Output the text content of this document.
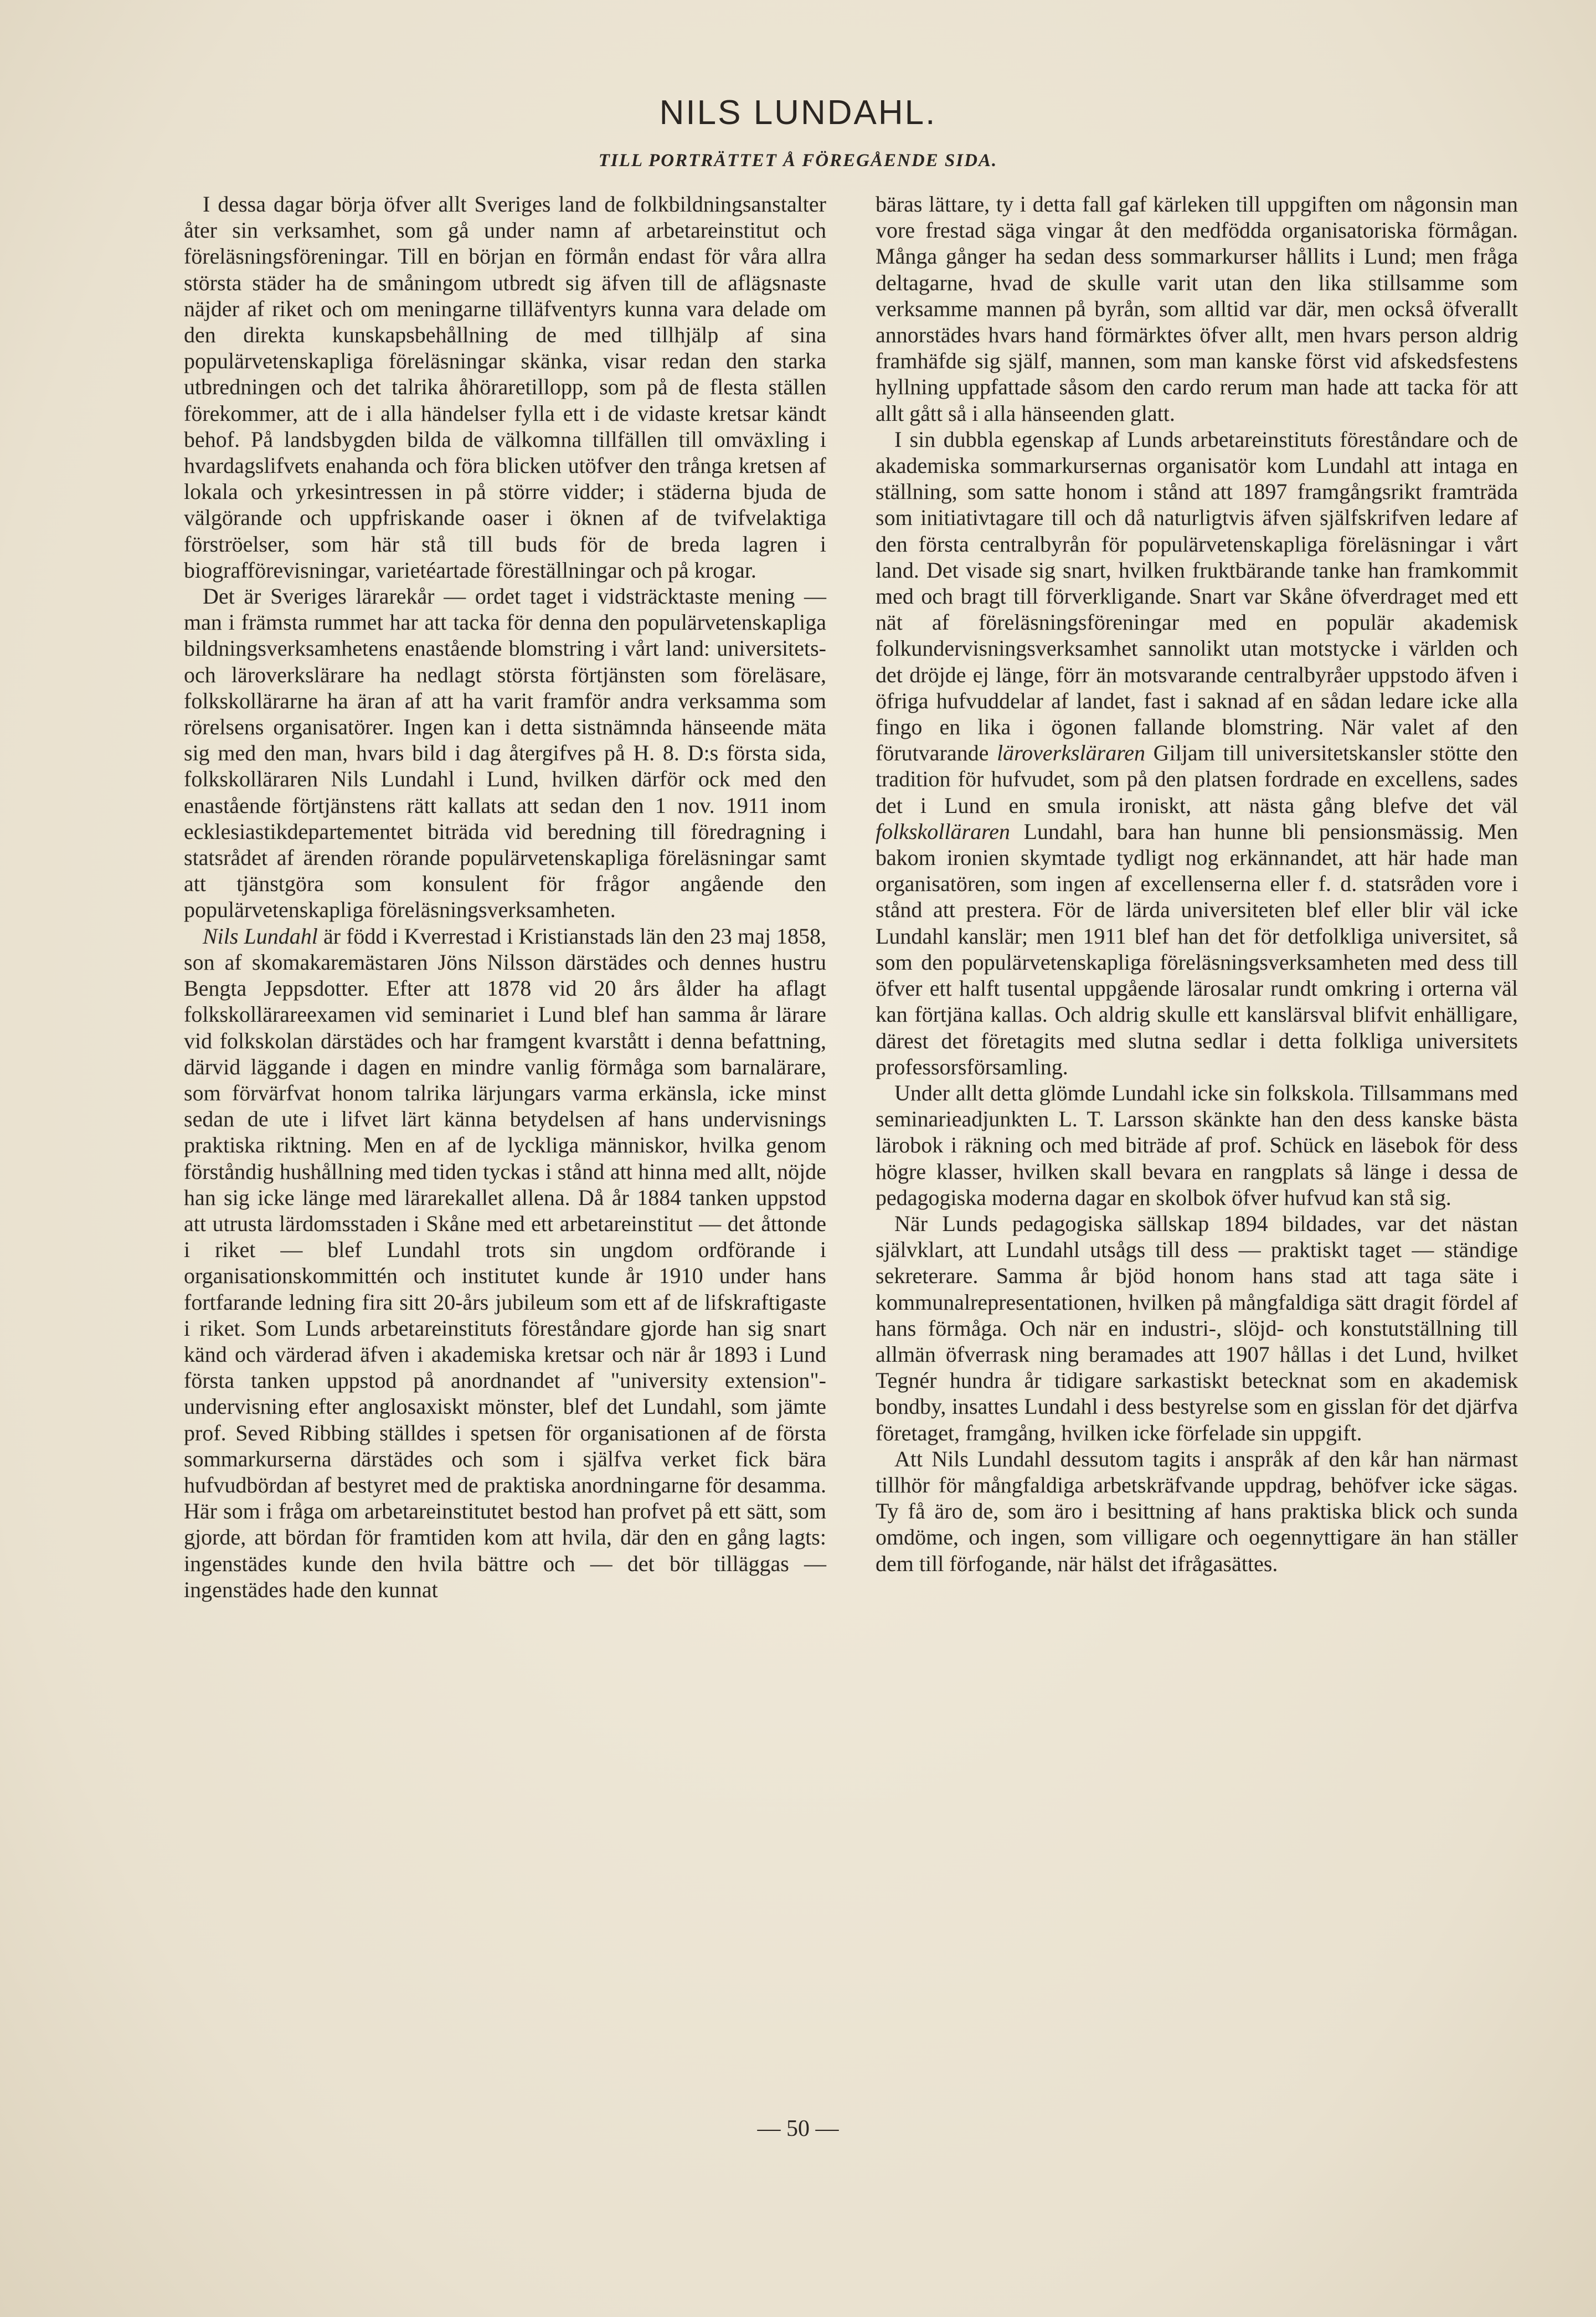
NILS LUNDAHL.
TILL PORTRÄTTET Å FÖREGÅENDE SIDA.

I dessa dagar börja öfver allt Sveriges land de folkbildningsanstalter åter sin verksamhet, som gå under namn af arbetareinstitut och föreläsningsföreningar. Till en början en förmån endast för våra allra största städer ha de småningom utbredt sig äfven till de aflägsnaste näjder af riket och om meningarne tilläfventyrs kunna vara delade om den direkta kunskapsbehållning de med tillhjälp af sina populärvetenskapliga föreläsningar skänka, visar redan den starka utbredningen och det talrika åhöraretillopp, som på de flesta ställen förekommer, att de i alla händelser fylla ett i de vidaste kretsar kändt behof. På landsbygden bilda de välkomna tillfällen till omväxling i hvardagslifvets enahanda och föra blicken utöfver den trånga kretsen af lokala och yrkesintressen in på större vidder; i städerna bjuda de välgörande och uppfriskande oaser i öknen af de tvifvelaktiga förströelser, som här stå till buds för de breda lagren i biografförevisningar, varietéartade föreställningar och på krogar.

Det är Sveriges lärarekår — ordet taget i vidsträcktaste mening — man i främsta rummet har att tacka för denna den populärvetenskapliga bildningsverksamhetens enastående blomstring i vårt land: universitets- och läroverkslärare ha nedlagt största förtjänsten som föreläsare, folkskollärarne ha äran af att ha varit framför andra verksamma som rörelsens organisatörer. Ingen kan i detta sistnämnda hänseende mäta sig med den man, hvars bild i dag återgifves på H. 8. D:s första sida, folkskolläraren Nils Lundahl i Lund, hvilken därför ock med den enastående förtjänstens rätt kallats att sedan den 1 nov. 1911 inom ecklesiastikdepartementet biträda vid beredning till föredragning i statsrådet af ärenden rörande populärvetenskapliga föreläsningar samt att tjänstgöra som konsulent för frågor angående den populärvetenskapliga föreläsningsverksamheten.

Nils Lundahl är född i Kverrestad i Kristianstads län den 23 maj 1858, son af skomakaremästaren Jöns Nilsson därstädes och dennes hustru Bengta Jeppsdotter. Efter att 1878 vid 20 års ålder ha aflagt folkskollärareexamen vid seminariet i Lund blef han samma år lärare vid folkskolan därstädes och har framgent kvarstått i denna befattning, därvid läggande i dagen en mindre vanlig förmåga som barnalärare, som förvärfvat honom talrika lärjungars varma erkänsla, icke minst sedan de ute i lifvet lärt känna betydelsen af hans undervisnings praktiska riktning. Men en af de lyckliga människor, hvilka genom förståndig hushållning med tiden tyckas i stånd att hinna med allt, nöjde han sig icke länge med lärarekallet allena. Då år 1884 tanken uppstod att utrusta lärdomsstaden i Skåne med ett arbetareinstitut — det åttonde i riket — blef Lundahl trots sin ungdom ordförande i organisationskommittén och institutet kunde år 1910 under hans fortfarande ledning fira sitt 20-års jubileum som ett af de lifskraftigaste i riket. Som Lunds arbetareinstituts föreståndare gjorde han sig snart känd och värderad äfven i akademiska kretsar och när år 1893 i Lund första tanken uppstod på anordnandet af "university extension"-undervisning efter anglosaxiskt mönster, blef det Lundahl, som jämte prof. Seved Ribbing ställdes i spetsen för organisationen af de första sommarkurserna därstädes och som i själfva verket fick bära hufvudbördan af bestyret med de praktiska anordningarne för desamma. Här som i fråga om arbetareinstitutet bestod han profvet på ett sätt, som gjorde, att bördan för framtiden kom att hvila, där den en gång lagts: ingenstädes kunde den hvila bättre och — det bör tilläggas — ingenstädes hade den kunnat

bäras lättare, ty i detta fall gaf kärleken till uppgiften om någonsin man vore frestad säga vingar åt den medfödda organisatoriska förmågan. Många gånger ha sedan dess sommarkurser hållits i Lund; men fråga deltagarne, hvad de skulle varit utan den lika stillsamme som verksamme mannen på byrån, som alltid var där, men också öfverallt annorstädes hvars hand förmärktes öfver allt, men hvars person aldrig framhäfde sig själf, mannen, som man kanske först vid afskedsfestens hyllning uppfattade såsom den cardo rerum man hade att tacka för att allt gått så i alla hänseenden glatt.

I sin dubbla egenskap af Lunds arbetareinstituts föreståndare och de akademiska sommarkursernas organisatör kom Lundahl att intaga en ställning, som satte honom i stånd att 1897 framgångsrikt framträda som initiativtagare till och då naturligtvis äfven själfskrifven ledare af den första centralbyrån för populärvetenskapliga föreläsningar i vårt land. Det visade sig snart, hvilken fruktbärande tanke han framkommit med och bragt till förverkligande. Snart var Skåne öfverdraget med ett nät af föreläsningsföreningar med en populär akademisk folkundervisningsverksamhet sannolikt utan motstycke i världen och det dröjde ej länge, förr än motsvarande centralbyråer uppstodo äfven i öfriga hufvuddelar af landet, fast i saknad af en sådan ledare icke alla fingo en lika i ögonen fallande blomstring. När valet af den förutvarande läroverksläraren Giljam till universitetskansler stötte den tradition för hufvudet, som på den platsen fordrade en excellens, sades det i Lund en smula ironiskt, att nästa gång blefve det väl folkskolläraren Lundahl, bara han hunne bli pensionsmässig. Men bakom ironien skymtade tydligt nog erkännandet, att här hade man organisatören, som ingen af excellenserna eller f. d. statsråden vore i stånd att prestera. För de lärda universiteten blef eller blir väl icke Lundahl kanslär; men 1911 blef han det för detfolkliga universitet, så som den populärvetenskapliga föreläsningsverksamheten med dess till öfver ett halft tusental uppgående lärosalar rundt omkring i orterna väl kan förtjäna kallas. Och aldrig skulle ett kanslärsval blifvit enhälligare, därest det företagits med slutna sedlar i detta folkliga universitets professorsförsamling.

Under allt detta glömde Lundahl icke sin folkskola. Tillsammans med seminarieadjunkten L. T. Larsson skänkte han den dess kanske bästa lärobok i räkning och med biträde af prof. Schück en läsebok för dess högre klasser, hvilken skall bevara en rangplats så länge i dessa de pedagogiska moderna dagar en skolbok öfver hufvud kan stå sig.

När Lunds pedagogiska sällskap 1894 bildades, var det nästan självklart, att Lundahl utsågs till dess — praktiskt taget — ständige sekreterare. Samma år bjöd honom hans stad att taga säte i kommunalrepresentationen, hvilken på mångfaldiga sätt dragit fördel af hans förmåga. Och när en industri-, slöjd- och konstutställning till allmän öfverrask ning beramades att 1907 hållas i det Lund, hvilket Tegnér hundra år tidigare sarkastiskt betecknat som en akademisk bondby, insattes Lundahl i dess bestyrelse som en gisslan för det djärfva företaget, framgång, hvilken icke förfelade sin uppgift.

Att Nils Lundahl dessutom tagits i anspråk af den kår han närmast tillhör för mångfaldiga arbetskräfvande uppdrag, behöfver icke sägas. Ty få äro de, som äro i besittning af hans praktiska blick och sunda omdöme, och ingen, som villigare och oegennyttigare än han ställer dem till förfogande, när hälst det ifrågasättes.

— 50 —
